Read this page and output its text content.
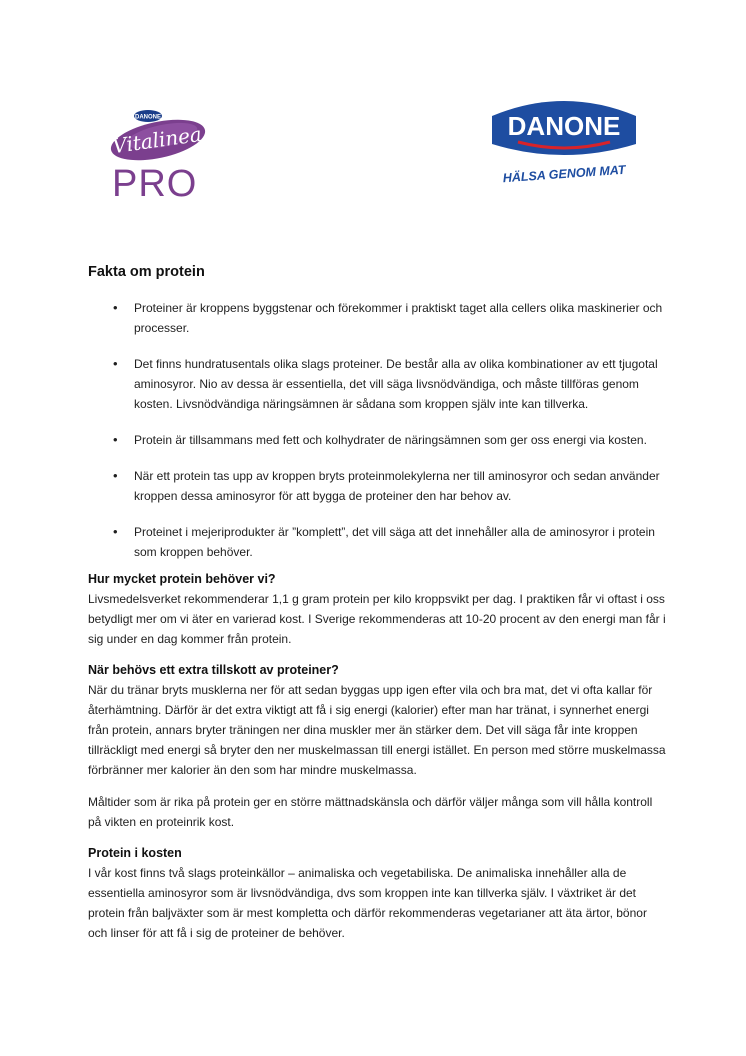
DANONE
Vitalinea
PRO
DANONE
HÄLSA GENOM MAT
Fakta om protein
• Proteiner är kroppens byggstenar och förekommer i praktiskt taget alla cellers olika maskinerier och processer.
• Det finns hundratusentals olika slags proteiner. De består alla av olika kombinationer av ett tjugotal aminosyror. Nio av dessa är essentiella, det vill säga livsnödvändiga, och måste tillföras genom kosten. Livsnödvändiga näringsämnen är sådana som kroppen själv inte kan tillverka.
• Protein är tillsammans med fett och kolhydrater de näringsämnen som ger oss energi via kosten.
• När ett protein tas upp av kroppen bryts proteinmolekylerna ner till aminosyror och sedan använder kroppen dessa aminosyror för att bygga de proteiner den har behov av.
• Proteinet i mejeriprodukter är ”komplett”, det vill säga att det innehåller alla de aminosyror i protein som kroppen behöver.
Hur mycket protein behöver vi?

Livsmedelsverket rekommenderar 1,1 g gram protein per kilo kroppsvikt per dag. I praktiken får vi oftast i oss betydligt mer om vi äter en varierad kost. I Sverige rekommenderas att 10-20 procent av den energi man får i sig under en dag kommer från protein.

När behövs ett extra tillskott av proteiner?

När du tränar bryts musklerna ner för att sedan byggas upp igen efter vila och bra mat, det vi ofta kallar för återhämtning. Därför är det extra viktigt att få i sig energi (kalorier) efter man har tränat, i synnerhet energi från protein, annars bryter träningen ner dina muskler mer än stärker dem. Det vill säga får inte kroppen tillräckligt med energi så bryter den ner muskelmassan till energi istället. En person med större muskelmassa förbränner mer kalorier än den som har mindre muskelmassa.

Måltider som är rika på protein ger en större mättnadskänsla och därför väljer många som vill hålla kontroll på vikten en proteinrik kost.

Protein i kosten

I vår kost finns två slags proteinkällor – animaliska och vegetabiliska. De animaliska innehåller alla de essentiella aminosyror som är livsnödvändiga, dvs som kroppen inte kan tillverka själv. I växtriket är det protein från baljväxter som är mest kompletta och därför rekommenderas vegetarianer att äta ärtor, bönor och linser för att få i sig de proteiner de behöver.
